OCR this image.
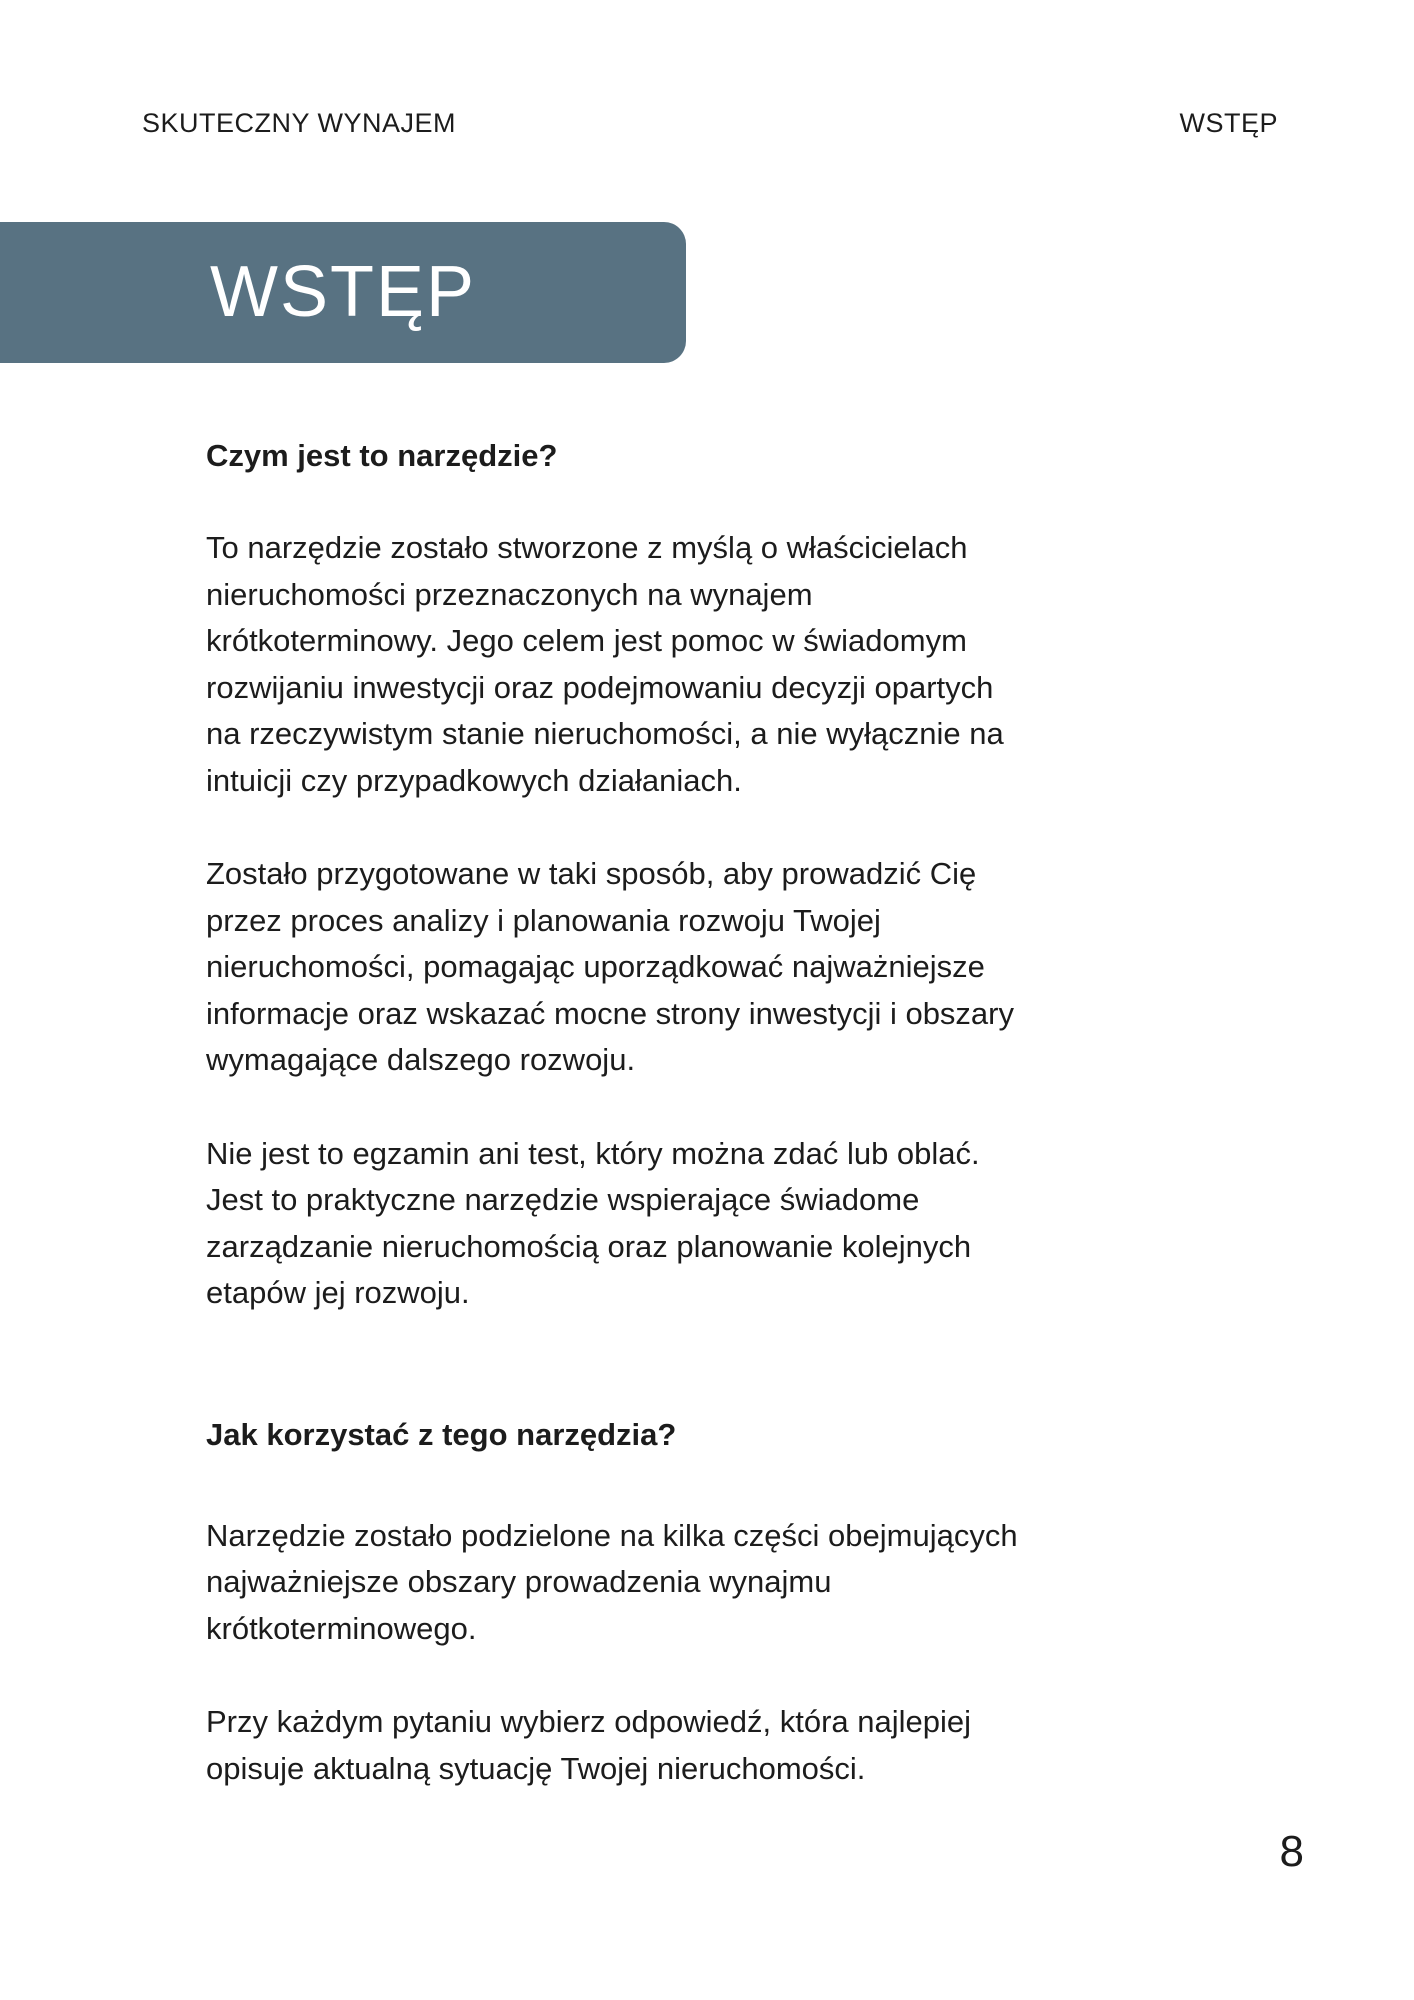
SKUTECZNY WYNAJEM	WSTĘP
WSTĘP
Czym jest to narzędzie?

To narzędzie zostało stworzone z myślą o właścicielach
nieruchomości przeznaczonych na wynajem
krótkoterminowy. Jego celem jest pomoc w świadomym
rozwijaniu inwestycji oraz podejmowaniu decyzji opartych
na rzeczywistym stanie nieruchomości, a nie wyłącznie na
intuicji czy przypadkowych działaniach.

Zostało przygotowane w taki sposób, aby prowadzić Cię
przez proces analizy i planowania rozwoju Twojej
nieruchomości, pomagając uporządkować najważniejsze
informacje oraz wskazać mocne strony inwestycji i obszary
wymagające dalszego rozwoju.

Nie jest to egzamin ani test, który można zdać lub oblać.
Jest to praktyczne narzędzie wspierające świadome
zarządzanie nieruchomością oraz planowanie kolejnych
etapów jej rozwoju.

Jak korzystać z tego narzędzia?

Narzędzie zostało podzielone na kilka części obejmujących
najważniejsze obszary prowadzenia wynajmu
krótkoterminowego.

Przy każdym pytaniu wybierz odpowiedź, która najlepiej
opisuje aktualną sytuację Twojej nieruchomości.

8
